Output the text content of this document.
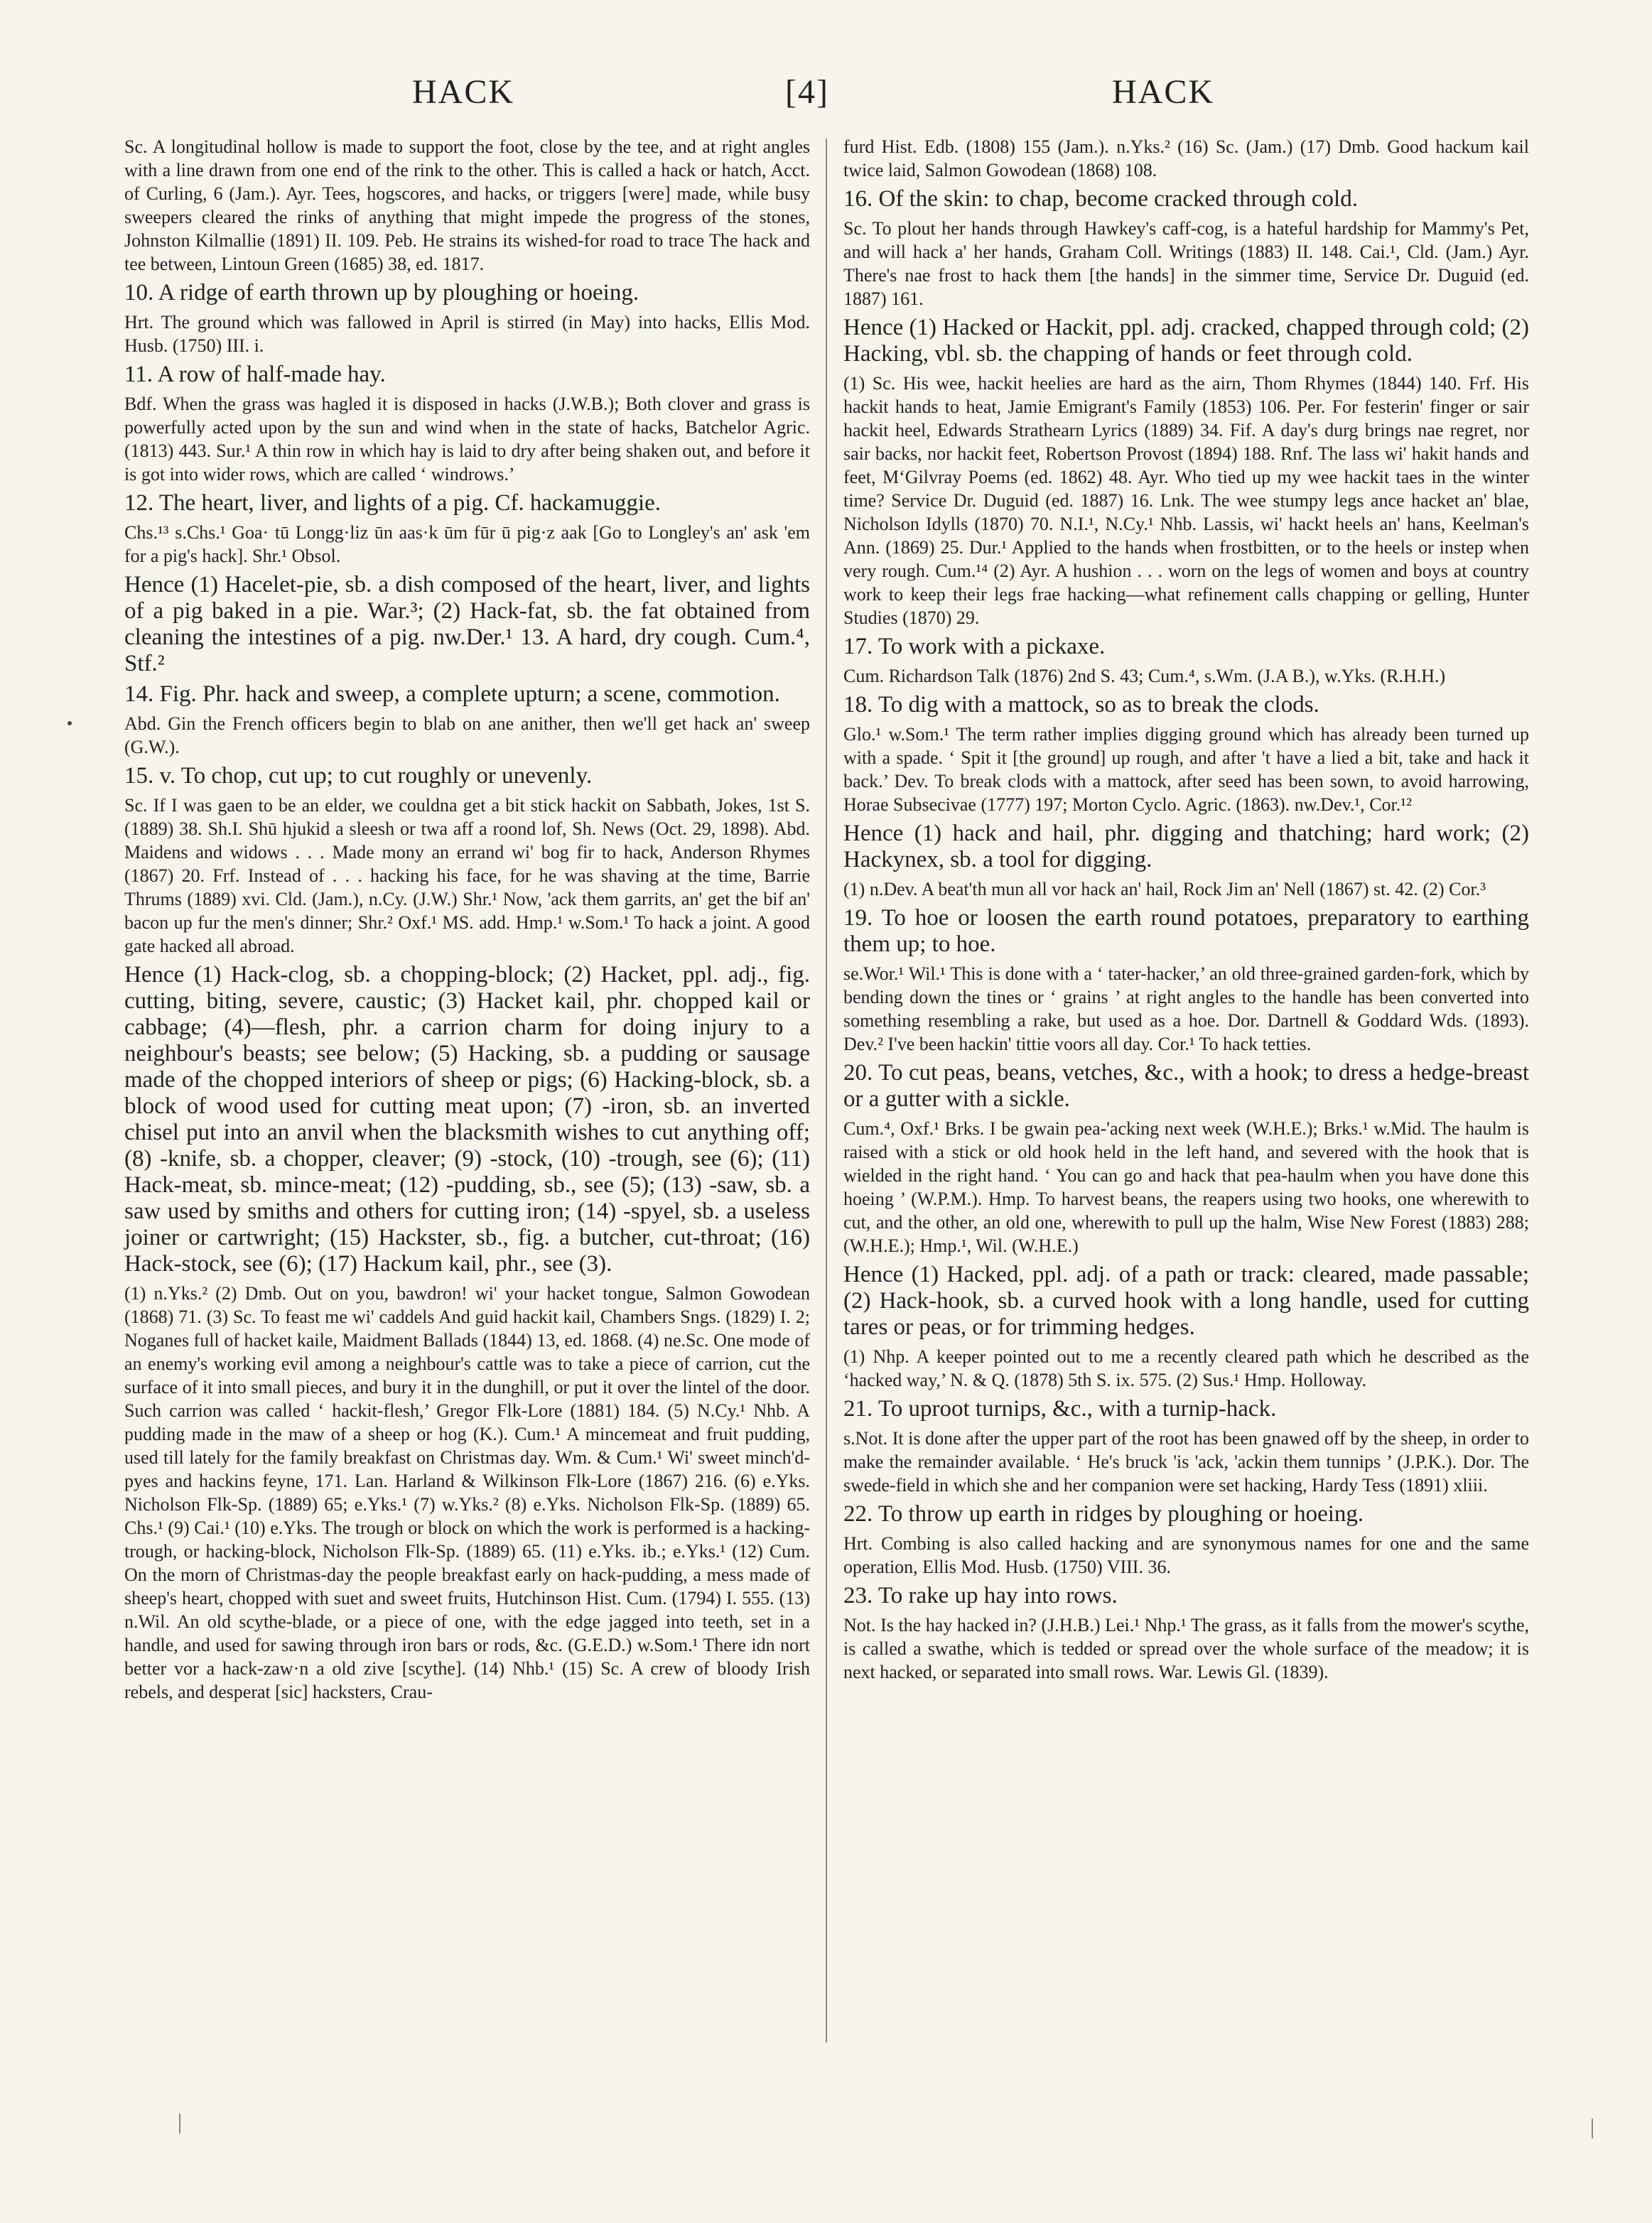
HACK	[4]	HACK

Sc. A longitudinal hollow is made to support the foot, close by the tee, and at right angles with a line drawn from one end of the rink to the other. This is called a hack or hatch, Acct. of Curling, 6 (Jam.). Ayr. Tees, hogscores, and hacks, or triggers [were] made, while busy sweepers cleared the rinks of anything that might impede the progress of the stones, Johnston Kilmallie (1891) II. 109. Peb. He strains its wished-for road to trace The hack and tee between, Lintoun Green (1685) 38, ed. 1817.

10. A ridge of earth thrown up by ploughing or hoeing.

Hrt. The ground which was fallowed in April is stirred (in May) into hacks, Ellis Mod. Husb. (1750) III. i.

11. A row of half-made hay.

Bdf. When the grass was hagled it is disposed in hacks (J.W.B.); Both clover and grass is powerfully acted upon by the sun and wind when in the state of hacks, Batchelor Agric. (1813) 443. Sur.¹ A thin row in which hay is laid to dry after being shaken out, and before it is got into wider rows, which are called ‘ windrows.’

12. The heart, liver, and lights of a pig. Cf. hackamuggie.

Chs.¹³ s.Chs.¹ Goa· tū Longg·liz ūn aas·k ūm fūr ū pig·z aak [Go to Longley's an' ask 'em for a pig's hack]. Shr.¹ Obsol.

Hence (1) Hacelet-pie, sb. a dish composed of the heart, liver, and lights of a pig baked in a pie. War.³; (2) Hack-fat, sb. the fat obtained from cleaning the intestines of a pig. nw.Der.¹ 13. A hard, dry cough. Cum.⁴, Stf.²

14. Fig. Phr. hack and sweep, a complete upturn; a scene, commotion.

Abd. Gin the French officers begin to blab on ane anither, then we'll get hack an' sweep (G.W.).

15. v. To chop, cut up; to cut roughly or unevenly.

Sc. If I was gaen to be an elder, we couldna get a bit stick hackit on Sabbath, Jokes, 1st S. (1889) 38. Sh.I. Shū hjukid a sleesh or twa aff a roond lof, Sh. News (Oct. 29, 1898). Abd. Maidens and widows . . . Made mony an errand wi' bog fir to hack, Anderson Rhymes (1867) 20. Frf. Instead of . . . hacking his face, for he was shaving at the time, Barrie Thrums (1889) xvi. Cld. (Jam.), n.Cy. (J.W.) Shr.¹ Now, 'ack them garrits, an' get the bif an' bacon up fur the men's dinner; Shr.² Oxf.¹ MS. add. Hmp.¹ w.Som.¹ To hack a joint. A good gate hacked all abroad.

Hence (1) Hack-clog, sb. a chopping-block; (2) Hacket, ppl. adj., fig. cutting, biting, severe, caustic; (3) Hacket kail, phr. chopped kail or cabbage; (4)—flesh, phr. a carrion charm for doing injury to a neighbour's beasts; see below; (5) Hacking, sb. a pudding or sausage made of the chopped interiors of sheep or pigs; (6) Hacking-block, sb. a block of wood used for cutting meat upon; (7) -iron, sb. an inverted chisel put into an anvil when the blacksmith wishes to cut anything off; (8) -knife, sb. a chopper, cleaver; (9) -stock, (10) -trough, see (6); (11) Hack-meat, sb. mince-meat; (12) -pudding, sb., see (5); (13) -saw, sb. a saw used by smiths and others for cutting iron; (14) -spyel, sb. a useless joiner or cartwright; (15) Hackster, sb., fig. a butcher, cut-throat; (16) Hack-stock, see (6); (17) Hackum kail, phr., see (3).

(1) n.Yks.² (2) Dmb. Out on you, bawdron! wi' your hacket tongue, Salmon Gowodean (1868) 71. (3) Sc. To feast me wi' caddels And guid hackit kail, Chambers Sngs. (1829) I. 2; Noganes full of hacket kaile, Maidment Ballads (1844) 13, ed. 1868. (4) ne.Sc. One mode of an enemy's working evil among a neighbour's cattle was to take a piece of carrion, cut the surface of it into small pieces, and bury it in the dunghill, or put it over the lintel of the door. Such carrion was called ‘ hackit-flesh,’ Gregor Flk-Lore (1881) 184. (5) N.Cy.¹ Nhb. A pudding made in the maw of a sheep or hog (K.). Cum.¹ A mincemeat and fruit pudding, used till lately for the family breakfast on Christmas day. Wm. & Cum.¹ Wi' sweet minch'd-pyes and hackins feyne, 171. Lan. Harland & Wilkinson Flk-Lore (1867) 216. (6) e.Yks. Nicholson Flk-Sp. (1889) 65; e.Yks.¹ (7) w.Yks.² (8) e.Yks. Nicholson Flk-Sp. (1889) 65. Chs.¹ (9) Cai.¹ (10) e.Yks. The trough or block on which the work is performed is a hacking-trough, or hacking-block, Nicholson Flk-Sp. (1889) 65. (11) e.Yks. ib.; e.Yks.¹ (12) Cum. On the morn of Christmas-day the people breakfast early on hack-pudding, a mess made of sheep's heart, chopped with suet and sweet fruits, Hutchinson Hist. Cum. (1794) I. 555. (13) n.Wil. An old scythe-blade, or a piece of one, with the edge jagged into teeth, set in a handle, and used for sawing through iron bars or rods, &c. (G.E.D.) w.Som.¹ There idn nort better vor a hack-zaw·n a old zive [scythe]. (14) Nhb.¹ (15) Sc. A crew of bloody Irish rebels, and desperat [sic] hacksters, Crau-

furd Hist. Edb. (1808) 155 (Jam.). n.Yks.² (16) Sc. (Jam.) (17) Dmb. Good hackum kail twice laid, Salmon Gowodean (1868) 108.

16. Of the skin: to chap, become cracked through cold.

Sc. To plout her hands through Hawkey's caff-cog, is a hateful hardship for Mammy's Pet, and will hack a' her hands, Graham Coll. Writings (1883) II. 148. Cai.¹, Cld. (Jam.) Ayr. There's nae frost to hack them [the hands] in the simmer time, Service Dr. Duguid (ed. 1887) 161.

Hence (1) Hacked or Hackit, ppl. adj. cracked, chapped through cold; (2) Hacking, vbl. sb. the chapping of hands or feet through cold.

(1) Sc. His wee, hackit heelies are hard as the airn, Thom Rhymes (1844) 140. Frf. His hackit hands to heat, Jamie Emigrant's Family (1853) 106. Per. For festerin' finger or sair hackit heel, Edwards Strathearn Lyrics (1889) 34. Fif. A day's durg brings nae regret, nor sair backs, nor hackit feet, Robertson Provost (1894) 188. Rnf. The lass wi' hakit hands and feet, M‘Gilvray Poems (ed. 1862) 48. Ayr. Who tied up my wee hackit taes in the winter time? Service Dr. Duguid (ed. 1887) 16. Lnk. The wee stumpy legs ance hacket an' blae, Nicholson Idylls (1870) 70. N.I.¹, N.Cy.¹ Nhb. Lassis, wi' hackt heels an' hans, Keelman's Ann. (1869) 25. Dur.¹ Applied to the hands when frostbitten, or to the heels or instep when very rough. Cum.¹⁴ (2) Ayr. A hushion . . . worn on the legs of women and boys at country work to keep their legs frae hacking—what refinement calls chapping or gelling, Hunter Studies (1870) 29.

17. To work with a pickaxe.

Cum. Richardson Talk (1876) 2nd S. 43; Cum.⁴, s.Wm. (J.A B.), w.Yks. (R.H.H.)

18. To dig with a mattock, so as to break the clods.

Glo.¹ w.Som.¹ The term rather implies digging ground which has already been turned up with a spade. ‘ Spit it [the ground] up rough, and after 't have a lied a bit, take and hack it back.’ Dev. To break clods with a mattock, after seed has been sown, to avoid harrowing, Horae Subsecivae (1777) 197; Morton Cyclo. Agric. (1863). nw.Dev.¹, Cor.¹²

Hence (1) hack and hail, phr. digging and thatching; hard work; (2) Hackynex, sb. a tool for digging.

(1) n.Dev. A beat'th mun all vor hack an' hail, Rock Jim an' Nell (1867) st. 42. (2) Cor.³

19. To hoe or loosen the earth round potatoes, preparatory to earthing them up; to hoe.

se.Wor.¹ Wil.¹ This is done with a ‘ tater-hacker,’ an old three-grained garden-fork, which by bending down the tines or ‘ grains ’ at right angles to the handle has been converted into something resembling a rake, but used as a hoe. Dor. Dartnell & Goddard Wds. (1893). Dev.² I've been hackin' tittie voors all day. Cor.¹ To hack tetties.

20. To cut peas, beans, vetches, &c., with a hook; to dress a hedge-breast or a gutter with a sickle.

Cum.⁴, Oxf.¹ Brks. I be gwain pea-'acking next week (W.H.E.); Brks.¹ w.Mid. The haulm is raised with a stick or old hook held in the left hand, and severed with the hook that is wielded in the right hand. ‘ You can go and hack that pea-haulm when you have done this hoeing ’ (W.P.M.). Hmp. To harvest beans, the reapers using two hooks, one wherewith to cut, and the other, an old one, wherewith to pull up the halm, Wise New Forest (1883) 288; (W.H.E.); Hmp.¹, Wil. (W.H.E.)

Hence (1) Hacked, ppl. adj. of a path or track: cleared, made passable; (2) Hack-hook, sb. a curved hook with a long handle, used for cutting tares or peas, or for trimming hedges.

(1) Nhp. A keeper pointed out to me a recently cleared path which he described as the ‘hacked way,’ N. & Q. (1878) 5th S. ix. 575. (2) Sus.¹ Hmp. Holloway.

21. To uproot turnips, &c., with a turnip-hack.

s.Not. It is done after the upper part of the root has been gnawed off by the sheep, in order to make the remainder available. ‘ He's bruck 'is 'ack, 'ackin them tunnips ’ (J.P.K.). Dor. The swede-field in which she and her companion were set hacking, Hardy Tess (1891) xliii.

22. To throw up earth in ridges by ploughing or hoeing.

Hrt. Combing is also called hacking and are synonymous names for one and the same operation, Ellis Mod. Husb. (1750) VIII. 36.

23. To rake up hay into rows.

Not. Is the hay hacked in? (J.H.B.) Lei.¹ Nhp.¹ The grass, as it falls from the mower's scythe, is called a swathe, which is tedded or spread over the whole surface of the meadow; it is next hacked, or separated into small rows. War. Lewis Gl. (1839).
